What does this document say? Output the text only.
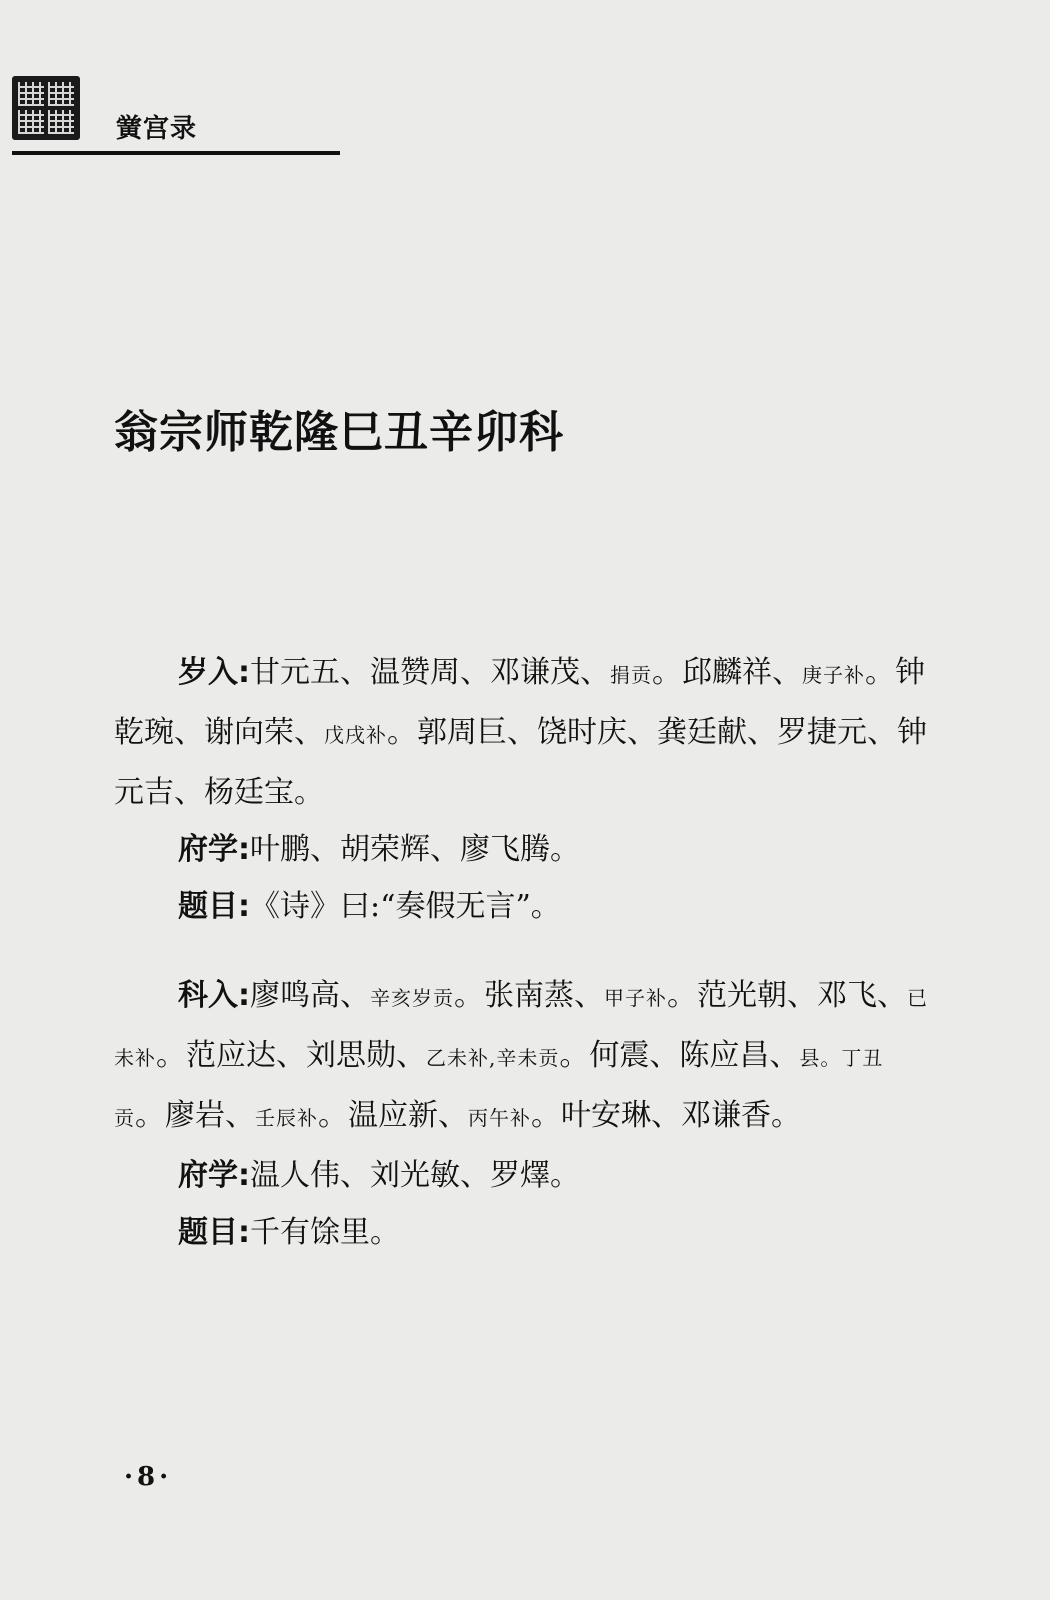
黉宫录
翁宗师乾隆巳丑辛卯科

岁入:甘元五、温赞周、邓谦茂、捐贡。邱麟祥、庚子补。钟乾琬、谢向荣、戊戌补。郭周巨、饶时庆、龚廷献、罗捷元、钟元吉、杨廷宝。

府学:叶鹏、胡荣辉、廖飞腾。

题目:《诗》曰:“奏假无言”。

科入:廖鸣高、辛亥岁贡。张南蒸、甲子补。范光朝、邓飞、已未补。范应达、刘思勋、乙未补,辛未贡。何震、陈应昌、县。丁丑贡。廖岩、壬辰补。温应新、丙午补。叶安琳、邓谦香。

府学:温人伟、刘光敏、罗燡。

题目:千有馀里。

·8·
